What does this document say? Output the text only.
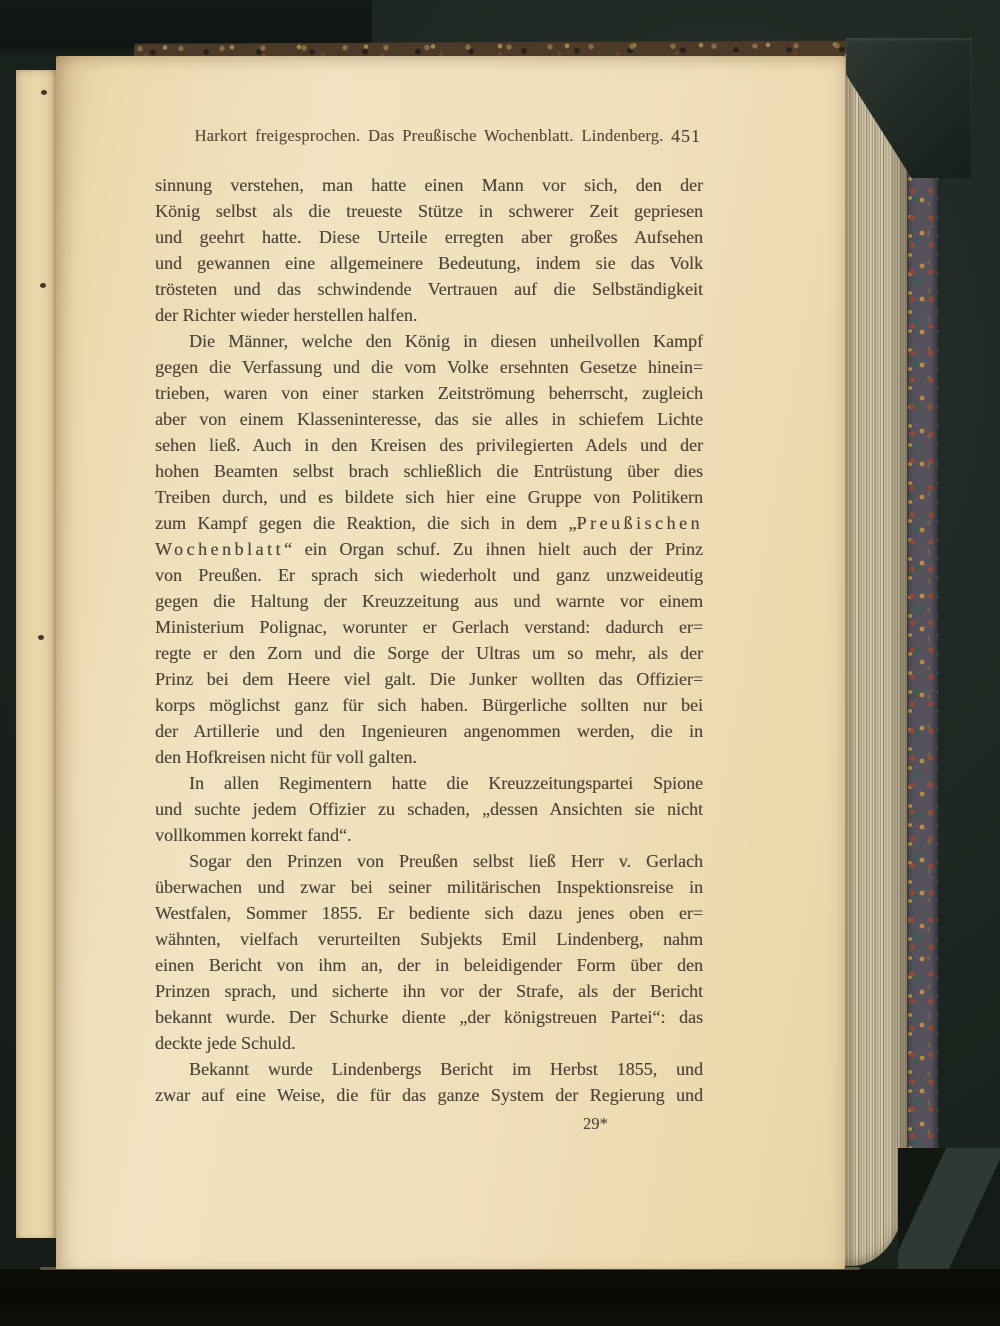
Harkort freigesprochen. Das Preußische Wochenblatt. Lindenberg. 451
sinnung verstehen, man hatte einen Mann vor sich, den der
König selbst als die treueste Stütze in schwerer Zeit gepriesen
und geehrt hatte. Diese Urteile erregten aber großes Aufsehen
und gewannen eine allgemeinere Bedeutung, indem sie das Volk
trösteten und das schwindende Vertrauen auf die Selbständigkeit
der Richter wieder herstellen halfen.
Die Männer, welche den König in diesen unheilvollen Kampf
gegen die Verfassung und die vom Volke ersehnten Gesetze hinein=
trieben, waren von einer starken Zeitströmung beherrscht, zugleich
aber von einem Klasseninteresse, das sie alles in schiefem Lichte
sehen ließ. Auch in den Kreisen des privilegierten Adels und der
hohen Beamten selbst brach schließlich die Entrüstung über dies
Treiben durch, und es bildete sich hier eine Gruppe von Politikern
zum Kampf gegen die Reaktion, die sich in dem „Preußischen
Wochenblatt“ ein Organ schuf. Zu ihnen hielt auch der Prinz
von Preußen. Er sprach sich wiederholt und ganz unzweideutig
gegen die Haltung der Kreuzzeitung aus und warnte vor einem
Ministerium Polignac, worunter er Gerlach verstand: dadurch er=
regte er den Zorn und die Sorge der Ultras um so mehr, als der
Prinz bei dem Heere viel galt. Die Junker wollten das Offizier=
korps möglichst ganz für sich haben. Bürgerliche sollten nur bei
der Artillerie und den Ingenieuren angenommen werden, die in
den Hofkreisen nicht für voll galten.
In allen Regimentern hatte die Kreuzzeitungspartei Spione
und suchte jedem Offizier zu schaden, „dessen Ansichten sie nicht
vollkommen korrekt fand“.
Sogar den Prinzen von Preußen selbst ließ Herr v. Gerlach
überwachen und zwar bei seiner militärischen Inspektionsreise in
Westfalen, Sommer 1855. Er bediente sich dazu jenes oben er=
wähnten, vielfach verurteilten Subjekts Emil Lindenberg, nahm
einen Bericht von ihm an, der in beleidigender Form über den
Prinzen sprach, und sicherte ihn vor der Strafe, als der Bericht
bekannt wurde. Der Schurke diente „der königstreuen Partei“: das
deckte jede Schuld.
Bekannt wurde Lindenbergs Bericht im Herbst 1855, und
zwar auf eine Weise, die für das ganze System der Regierung und
29*
